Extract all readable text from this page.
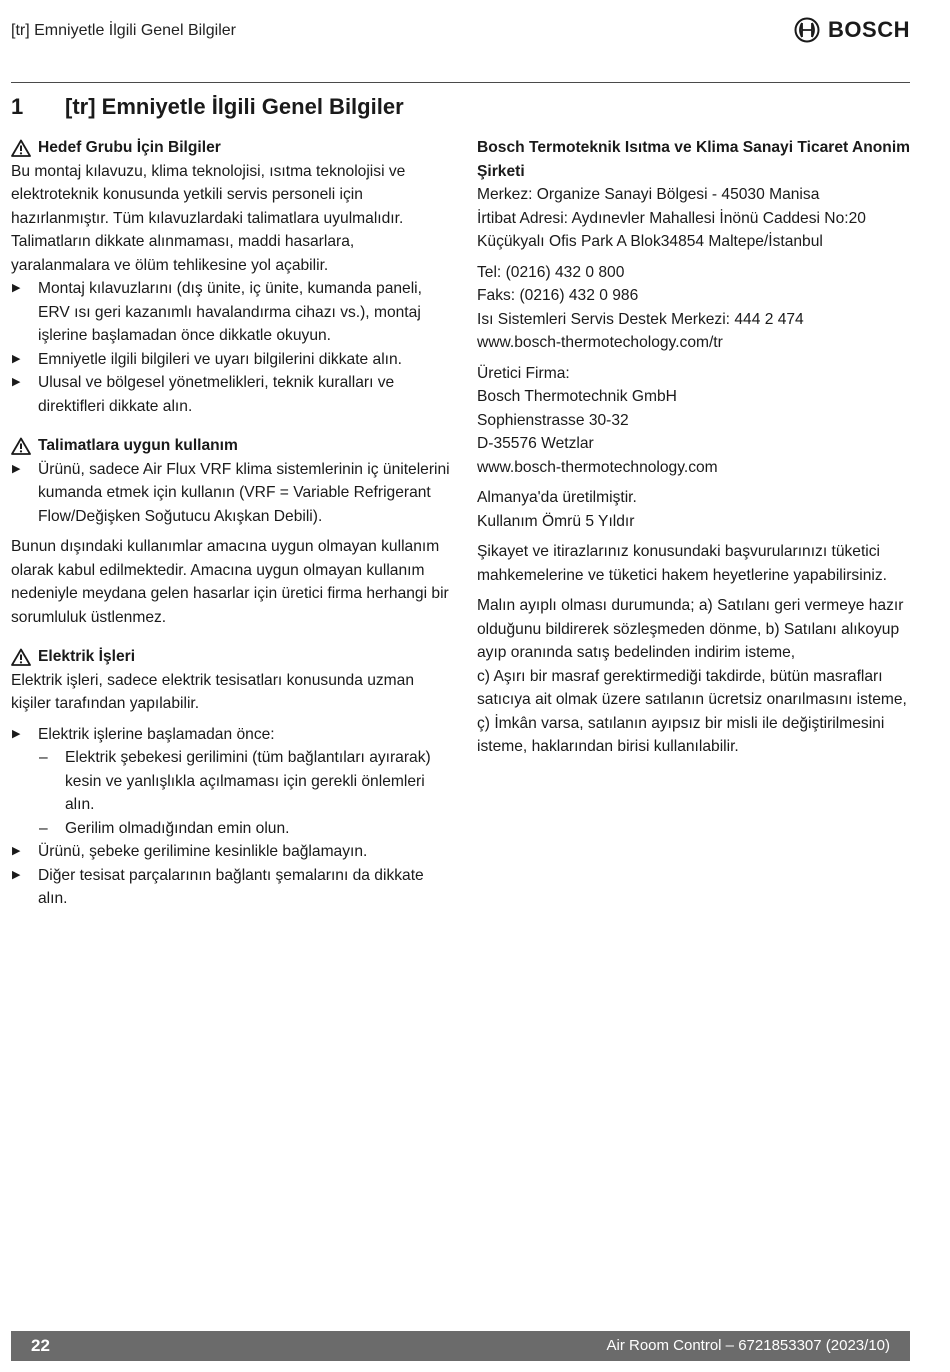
[tr] Emniyetle İlgili Genel Bilgiler	BOSCH
1	[tr] Emniyetle İlgili Genel Bilgiler
Hedef Grubu İçin Bilgiler

Bu montaj kılavuzu, klima teknolojisi, ısıtma teknolojisi ve elektroteknik konusunda yetkili servis personeli için hazırlanmıştır. Tüm kılavuzlardaki talimatlara uyulmalıdır. Talimatların dikkate alınmaması, maddi hasarlara, yaralanmalara ve ölüm tehlikesine yol açabilir.

▶ Montaj kılavuzlarını (dış ünite, iç ünite, kumanda paneli, ERV ısı geri kazanımlı havalandırma cihazı vs.), montaj işlerine başlamadan önce dikkatle okuyun.

▶ Emniyetle ilgili bilgileri ve uyarı bilgilerini dikkate alın.

▶ Ulusal ve bölgesel yönetmelikleri, teknik kuralları ve direktifleri dikkate alın.

Talimatlara uygun kullanım

▶ Ürünü, sadece Air Flux VRF klima sistemlerinin iç ünitelerini kumanda etmek için kullanın (VRF = Variable Refrigerant Flow/Değişken Soğutucu Akışkan Debili).

Bunun dışındaki kullanımlar amacına uygun olmayan kullanım olarak kabul edilmektedir. Amacına uygun olmayan kullanım nedeniyle meydana gelen hasarlar için üretici firma herhangi bir sorumluluk üstlenmez.

Elektrik İşleri

Elektrik işleri, sadece elektrik tesisatları konusunda uzman kişiler tarafından yapılabilir.

▶ Elektrik işlerine başlamadan önce:

– Elektrik şebekesi gerilimini (tüm bağlantıları ayırarak) kesin ve yanlışlıkla açılmaması için gerekli önlemleri alın.

– Gerilim olmadığından emin olun.

▶ Ürünü, şebeke gerilimine kesinlikle bağlamayın.

▶ Diğer tesisat parçalarının bağlantı şemalarını da dikkate alın.

Bosch Termoteknik Isıtma ve Klima Sanayi Ticaret Anonim Şirketi

Merkez: Organize Sanayi Bölgesi - 45030 Manisa

İrtibat Adresi: Aydınevler Mahallesi İnönü Caddesi No:20

Küçükyalı Ofis Park A Blok34854 Maltepe/İstanbul

Tel: (0216) 432 0 800

Faks: (0216) 432 0 986

Isı Sistemleri Servis Destek Merkezi: 444 2 474

www.bosch-thermotechology.com/tr

Üretici Firma:

Bosch Thermotechnik GmbH

Sophienstrasse 30-32

D-35576 Wetzlar

www.bosch-thermotechnology.com

Almanya'da üretilmiştir.

Kullanım Ömrü 5 Yıldır

Şikayet ve itirazlarınız konusundaki başvurularınızı tüketici mahkemelerine ve tüketici hakem heyetlerine yapabilirsiniz.

Malın ayıplı olması durumunda; a) Satılanı geri vermeye hazır olduğunu bildirerek sözleşmeden dönme, b) Satılanı alıkoyup ayıp oranında satış bedelinden indirim isteme,

c) Aşırı bir masraf gerektirmediği takdirde, bütün masrafları satıcıya ait olmak üzere satılanın ücretsiz onarılmasını isteme,

ç) İmkân varsa, satılanın ayıpsız bir misli ile değiştirilmesini isteme, haklarından birisi kullanılabilir.

22	Air Room Control – 6721853307 (2023/10)
